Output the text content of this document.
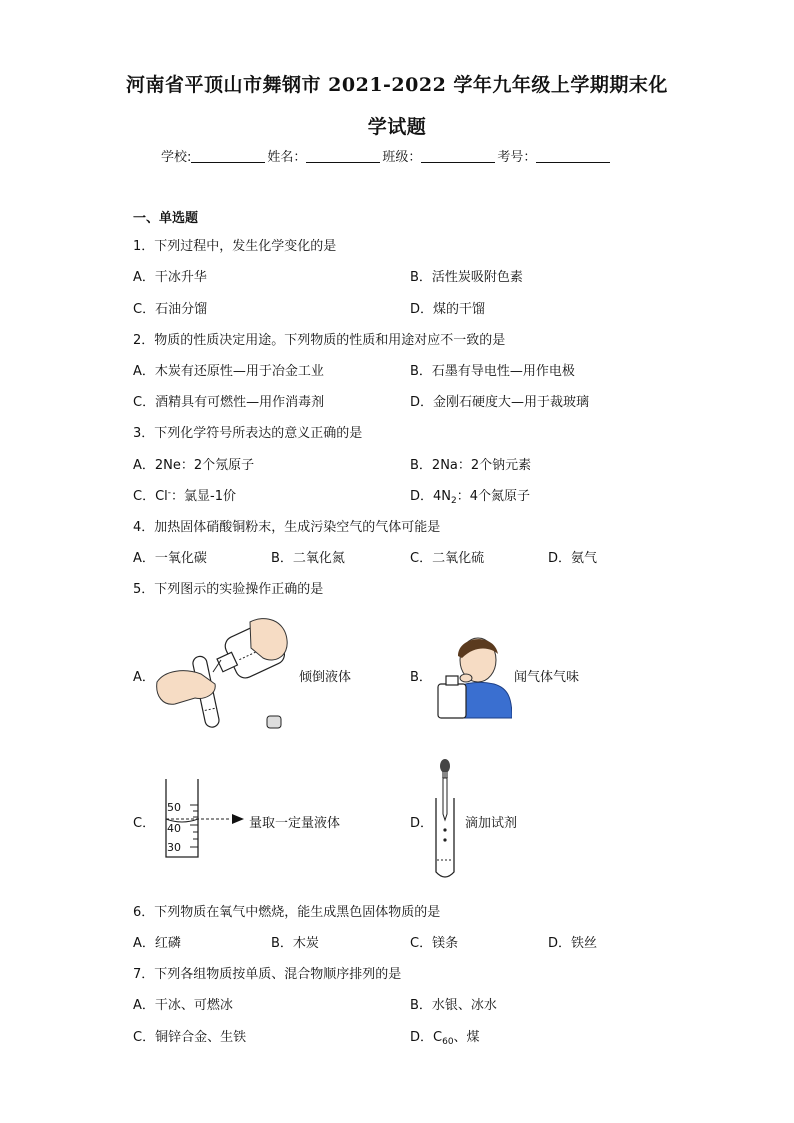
河南省平顶山市舞钢市 2021-2022 学年九年级上学期期末化
学试题
学校:	姓名：	班级：	考号：
一、单选题
1．下列过程中，发生化学变化的是
A．干冰升华	B．活性炭吸附色素
C．石油分馏	D．煤的干馏
2．物质的性质决定用途。下列物质的性质和用途对应不一致的是
A．木炭有还原性—用于冶金工业	B．石墨有导电性—用作电极
C．酒精具有可燃性—用作消毒剂	D．金刚石硬度大—用于裁玻璃
3．下列化学符号所表达的意义正确的是
A．2Ne：2个氖原子	B．2Na：2个钠元素
C．Cl-：氯显-1价	D．$4N_2$：4个氮原子
4．加热固体硝酸铜粉末，生成污染空气的气体可能是
A．一氧化碳	B．二氧化氮	C．二氧化硫	D．氨气
5．下列图示的实验操作正确的是
A．	倾倒液体	B．	闻气体气味
C．
50
40
30
量取一定量液体	D． 滴加试剂
6．下列物质在氧气中燃烧，能生成黑色固体物质的是
A．红磷	B．木炭	C．镁条	D．铁丝
7．下列各组物质按单质、混合物顺序排列的是
A．干冰、可燃冰	B．水银、冰水
C．铜锌合金、生铁	D．$C_{60}$、煤
